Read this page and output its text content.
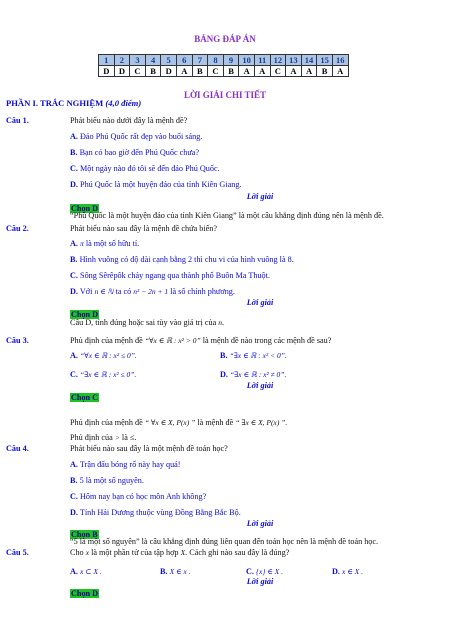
BẢNG ĐÁP ÁN
1	2	3	4	5	6	7	8	9	10	11	12	13	14	15	16
D	D	C	B	D	A	B	C	B	A	A	C	A	A	B	A
LỜI GIẢI CHI TIẾT
PHẦN I. TRẮC NGHIỆM (4,0 điểm)
Câu 1.	Phát biểu nào dưới đây là mệnh đề?
A. Đảo Phú Quốc rất đẹp vào buổi sáng.
B. Bạn có bao giờ đến Phú Quốc chưa?
C. Một ngày nào đó tôi sẽ đến đảo Phú Quốc.
D. Phú Quốc là một huyện đảo của tỉnh Kiên Giang.
Lời giải
Chọn D
“Phú Quốc là một huyện đảo của tỉnh Kiên Giang” là một câu khẳng định đúng nên là mệnh đề.
Câu 2.	Phát biểu nào sau đây là mệnh đề chứa biến?
A. π là một số hữu tỉ.
B. Hình vuông có độ dài cạnh bằng 2 thì chu vi của hình vuông là 8.
C. Sông Sêrêpôk chảy ngang qua thành phố Buôn Ma Thuột.
D. Với n ∈ ℕ ta có n² − 2n + 1 là số chính phương.
Lời giải
Chọn D
Câu D, tính đúng hoặc sai tùy vào giá trị của n.
Câu 3.	Phủ định của mệnh đề “∀x ∈ ℝ : x² > 0” là mệnh đề nào trong các mệnh đề sau?
A. “∀x ∈ ℝ : x² ≤ 0”.	B. “∃x ∈ ℝ : x² < 0”.
C. “∃x ∈ ℝ : x² ≤ 0”.	D. “∃x ∈ ℝ : x² ≠ 0”.
Lời giải
Chọn C
Phủ định của mệnh đề “ ∀x ∈ X, P(x) ” là mệnh đề “ ∃x ∈ X, P(x) ”.
Phủ định của > là ≤.
Câu 4.	Phát biểu nào sau đây là một mệnh đề toán học?
A. Trận đấu bóng rổ này hay quá!
B. 5 là một số nguyên.
C. Hôm nay bạn có học môn Anh không?
D. Tỉnh Hải Dương thuộc vùng Đồng Bằng Bắc Bộ.
Lời giải
Chọn B
“5 là một số nguyên” là câu khẳng định đúng liên quan đến toán học nên là mệnh đề toán học.
Câu 5.	Cho x là một phần tử của tập hợp X. Cách ghi nào sau đây là đúng?
A. x ⊂ X .	B. X ∈ x .	C. {x} ∈ X .	D. x ∈ X .
Lời giải
Chọn D
